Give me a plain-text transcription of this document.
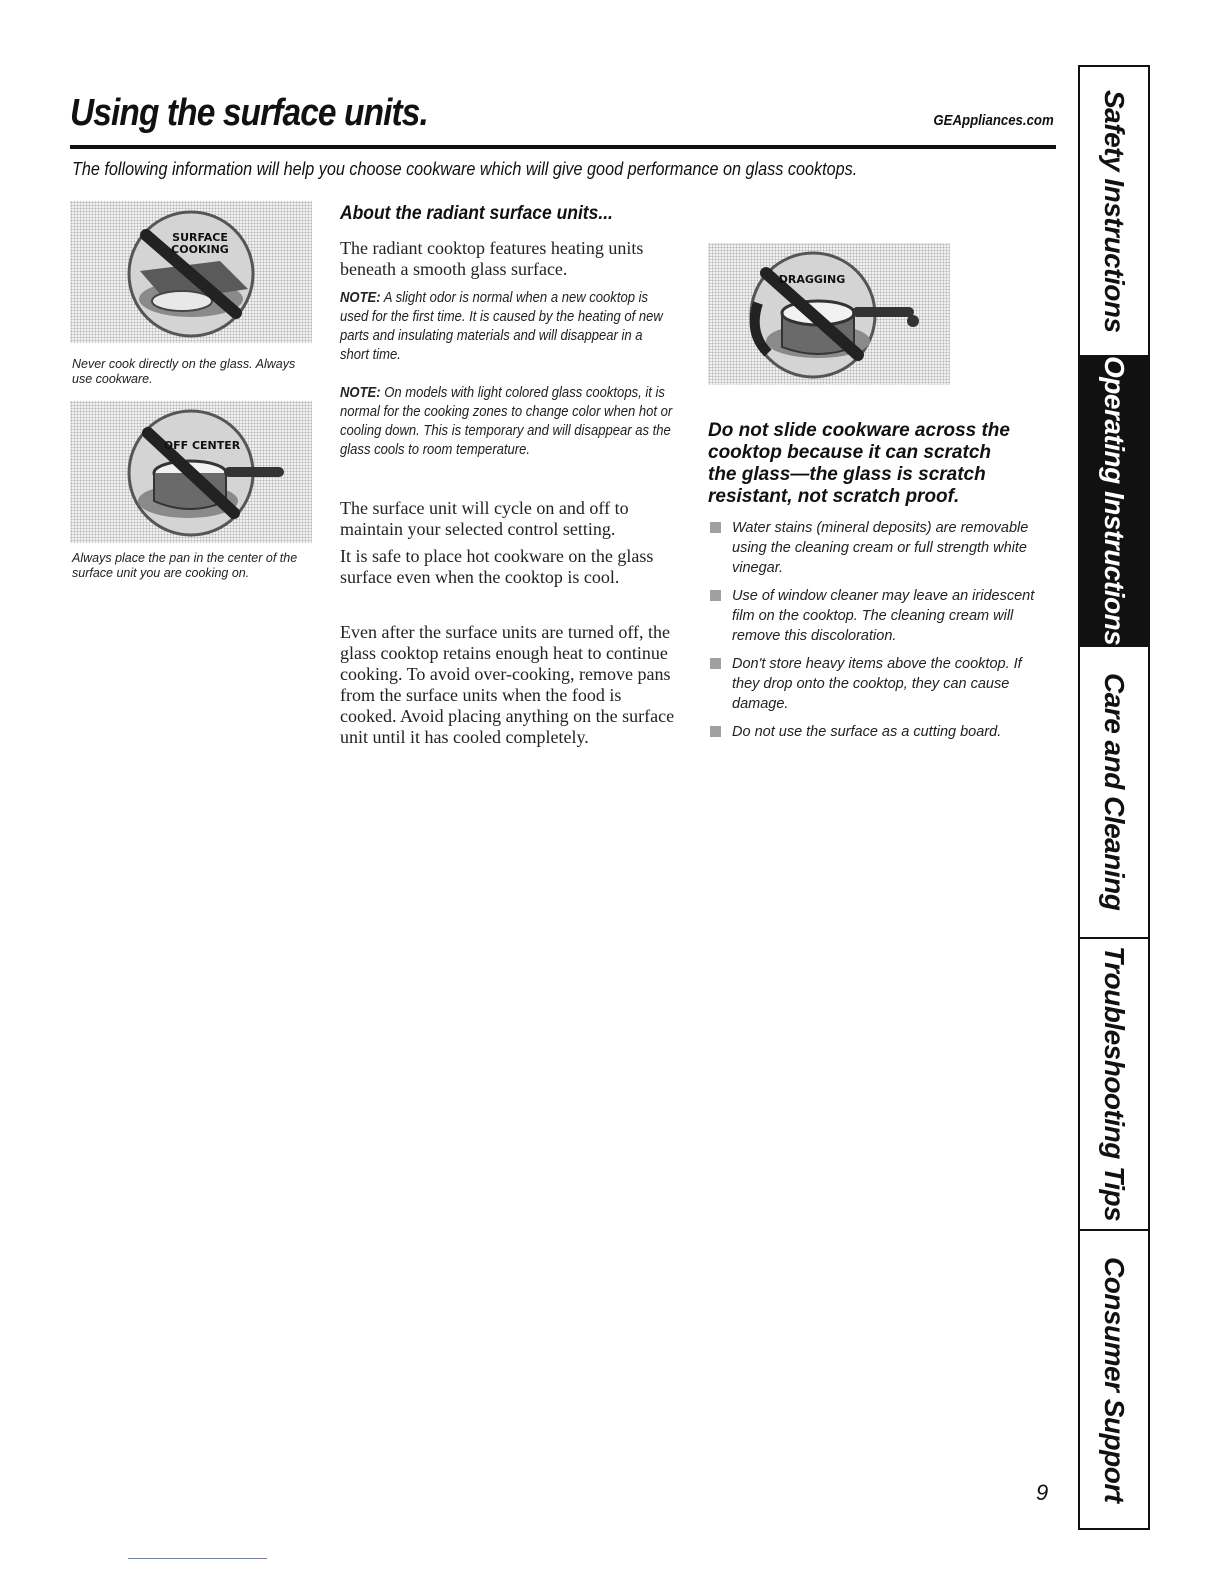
Using the surface units.	GEAppliances.com
The following information will help you choose cookware which will give good performance on glass cooktops.
SURFACE
COOKING
Never cook directly on the glass. Always use cookware.
OFF CENTER
Always place the pan in the center of the surface unit you are cooking on.
About the radiant surface units...
The radiant cooktop features heating units beneath a smooth glass surface.
NOTE: A slight odor is normal when a new cooktop is used for the first time. It is caused by the heating of new parts and insulating materials and will disappear in a short time.
NOTE: On models with light colored glass cooktops, it is normal for the cooking zones to change color when hot or cooling down. This is temporary and will disappear as the glass cools to room temperature.
The surface unit will cycle on and off to maintain your selected control setting.
It is safe to place hot cookware on the glass surface even when the cooktop is cool.
Even after the surface units are turned off, the glass cooktop retains enough heat to continue cooking. To avoid over-cooking, remove pans from the surface units when the food is cooked. Avoid placing anything on the surface unit until it has cooled completely.
DRAGGING
Do not slide cookware across the cooktop because it can scratch the glass—the glass is scratch resistant, not scratch proof.
Water stains (mineral deposits) are removable using the cleaning cream or full strength white vinegar.
Use of window cleaner may leave an iridescent film on the cooktop. The cleaning cream will remove this discoloration.
Don't store heavy items above the cooktop. If they drop onto the cooktop, they can cause damage.
Do not use the surface as a cutting board.
Safety Instructions
Operating Instructions
Care and Cleaning
Troubleshooting Tips
Consumer Support
9
